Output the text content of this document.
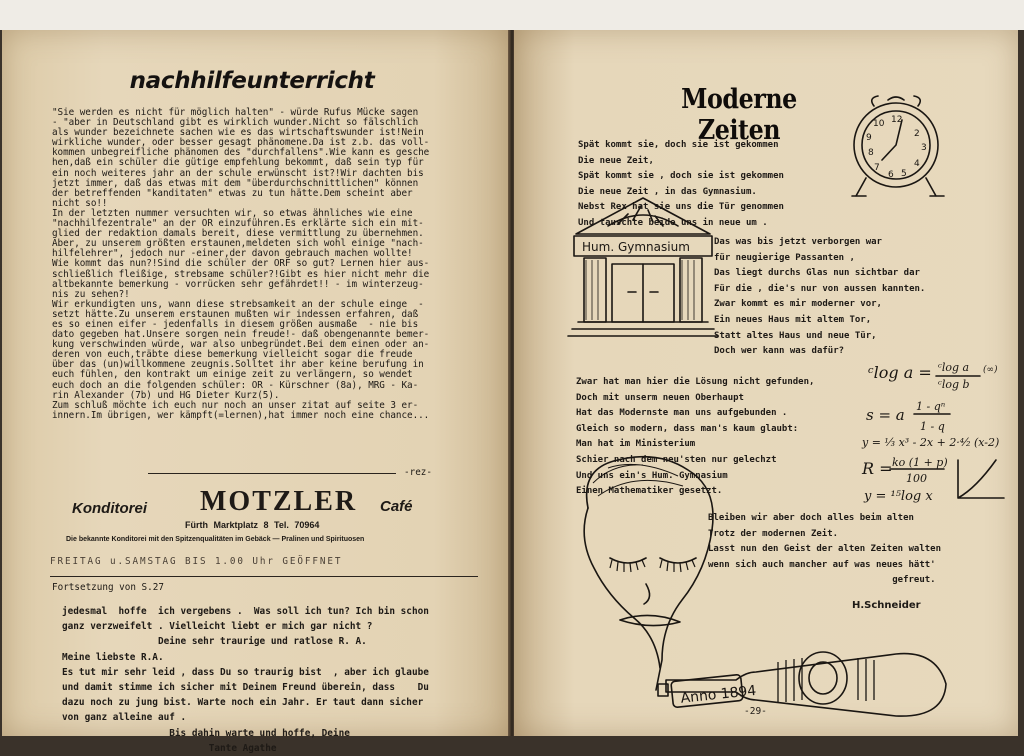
nachhilfeunterricht
"Sie werden es nicht für möglich halten" - würde Rufus Mücke sagen
- "aber in Deutschland gibt es wirklich wunder.Nicht so fälschlich
als wunder bezeichnete sachen wie es das wirtschaftswunder ist!Nein
wirkliche wunder, oder besser gesagt phänomene.Da ist z.b. das voll-
kommen unbegreifliche phänomen des "durchfallens".Wie kann es gesche
hen,daß ein schüler die gütige empfehlung bekommt, daß sein typ für
ein noch weiteres jahr an der schule erwünscht ist?!Wir dachten bis
jetzt immer, daß das etwas mit dem "überdurchschnittlichen" können
der betreffenden "kanditaten" etwas zu tun hätte.Dem scheint aber
nicht so!!
In der letzten nummer versuchten wir, so etwas ähnliches wie eine
"nachhilfezentrale" an der OR einzuführen.Es erklärte sich ein mit-
glied der redaktion damals bereit, diese vermittlung zu übernehmen.
Aber, zu unserem größten erstaunen,meldeten sich wohl einige "nach-
hilfelehrer", jedoch nur -einer,der davon gebrauch machen wollte!
Wie kommt das nun?!Sind die schüler der ORF so gut? Lernen hier aus-
schließlich fleißige, strebsame schüler?!Gibt es hier nicht mehr die
altbekannte bemerkung - vorrücken sehr gefährdet!! - im winterzeug-
nis zu sehen?!
Wir erkundigten uns, wann diese strebsamkeit an der schule einge  -
setzt hätte.Zu unserem erstaunen mußten wir indessen erfahren, daß
es so einen eifer - jedenfalls in diesem größen ausmaße  - nie bis
dato gegeben hat.Unsere sorgen nein freude!- daß obengenannte bemer-
kung verschwinden würde, war also unbegründet.Bei dem einen oder an-
deren von euch,träbte diese bemerkung vielleicht sogar die freude
über das (un)willkommene zeugnis.Solltet ihr aber keine berufung in
euch fühlen, den kontrakt um einige zeit zu verlängern, so wendet
euch doch an die folgenden schüler: OR - Kürschner (8a), MRG - Ka-
rin Alexander (7b) und HG Dieter Kurz(5).
Zum schluß möchte ich euch nur noch an unser zitat auf seite 3 er-
innern.Im übrigen, wer kämpft(=lernen),hat immer noch eine chance...
-rez-
Konditorei MOTZLER Café
Fürth Marktplatz 8 Tel. 70964
Die bekannte Konditorei mit den Spitzenqualitäten im Gebäck — Pralinen und Spirituosen
FREITAG u.SAMSTAG BIS 1.00 Uhr GEÖFFNET
Fortsetzung von S.27
jedesmal  hoffe  ich vergebens .  Was soll ich tun? Ich bin schon
ganz verzweifelt . Vielleicht liebt er mich gar nicht ?
Deine sehr traurige und ratlose R. A.
Meine liebste R.A.
Es tut mir sehr leid , dass Du so traurig bist  , aber ich glaube
und damit stimme ich sicher mit Deinem Freund überein, dass    Du
dazu noch zu jung bist. Warte noch ein Jahr. Er taut dann sicher
von ganz alleine auf .
Bis dahin warte und hoffe, Deine
Tante Agathe
Moderne Zeiten
Spät kommt sie, doch sie ist gekommen
Die neue Zeit,
Spät kommt sie , doch sie ist gekommen
Die neue Zeit , in das Gymnasium.
Nebst Rex hat sie uns die Tür genommen
Und tauschte beide uns in neue um .
Das was bis jetzt verborgen war
für neugierige Passanten ,
Das liegt durchs Glas nun sichtbar dar
Für die , die's nur von aussen kannten.
Zwar kommt es mir moderner vor,
Ein neues Haus mit altem Tor,
Statt altes Haus und neue Tür,
Doch wer kann was dafür?
Zwar hat man hier die Lösung nicht gefunden,
Doch mit unserm neuen Oberhaupt
Hat das Modernste man uns aufgebunden .
Gleich so modern, dass man's kaum glaubt:
Man hat im Ministerium
Schier nach dem neu'sten nur gelechzt
Und uns ein's Hum. Gymnasium
Einen Mathematiker gesetzt.
Bleiben wir aber doch alles beim alten
Trotz der modernen Zeit.
Lasst nun den Geist der alten Zeiten walten
wenn sich auch mancher auf was neues hätt'
gefreut.
12
2
3
4
5
6
7
8
9
10
Hum. Gymnasium
ᶜlog a = ᶜlog a
ᶜlog b
(∞)
s = a 1 - qⁿ
1 - q
y = ¹⁄₃ x³ - 2x + 2·⁴⁄₂ (x-2)
R = ko (1 + p)
100
y = ¹⁵log x
Anno 1894
H.Schneider
-29-
